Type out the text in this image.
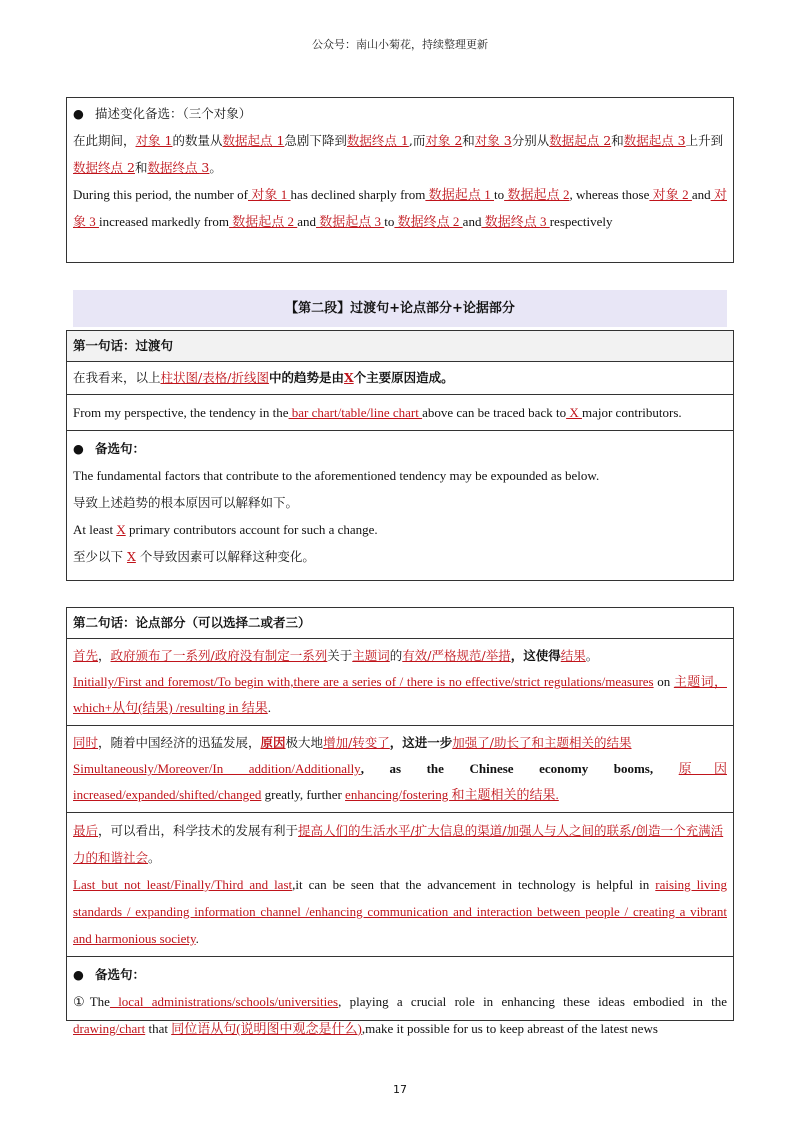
公众号：南山小菊花，持续整理更新

● 描述变化备选：（三个对象）

在此期间，对象 1的数量从数据起点 1急剧下降到数据终点 1,而对象 2和对象 3分别从数据起点 2和数据起点 3上升到数据终点 2和数据终点 3。

During this period, the number of 对象 1 has declined sharply from 数据起点 1 to 数据起点 2, whereas those 对象 2 and 对象 3 increased markedly from 数据起点 2 and 数据起点 3 to 数据终点 2 and 数据终点 3 respectively

【第二段】过渡句+论点部分+论据部分
第一句话：过渡句
在我看来，以上柱状图/表格/折线图中的趋势是由X个主要原因造成。
From my perspective, the tendency in the bar chart/table/line chart above can be traced back to X major contributors.

● 备选句：

The fundamental factors that contribute to the aforementioned tendency may be expounded as below.

导致上述趋势的根本原因可以解释如下。

At least X primary contributors account for such a change.

至少以下 X 个导致因素可以解释这种变化。

第二句话：论点部分（可以选择二或者三）

首先，政府颁布了一系列/政府没有制定一系列关于主题词的有效/严格规范/举措，这使得结果。

Initially/First and foremost/To begin with,there are a series of / there is no effective/strict regulations/measures on 主题词，which+从句(结果) /resulting in 结果.

同时，随着中国经济的迅猛发展，原因极大地增加/转变了，这进一步加强了/助长了和主题相关的结果

Simultaneously/Moreover/In addition/Additionally, as the Chinese economy booms, 原因 increased/expanded/shifted/changed greatly, further enhancing/fostering 和主题相关的结果.

最后，可以看出，科学技术的发展有利于提高人们的生活水平/扩大信息的渠道/加强人与人之间的联系/创造一个充满活力的和谐社会。

Last but not least/Finally/Third and last,it can be seen that the advancement in technology is helpful in raising living standards / expanding information channel /enhancing communication and interaction between people / creating a vibrant and harmonious society.

● 备选句：

①The local administrations/schools/universities, playing a crucial role in enhancing these ideas embodied in the drawing/chart that 同位语从句(说明图中观念是什么),make it possible for us to keep abreast of the latest news

17
